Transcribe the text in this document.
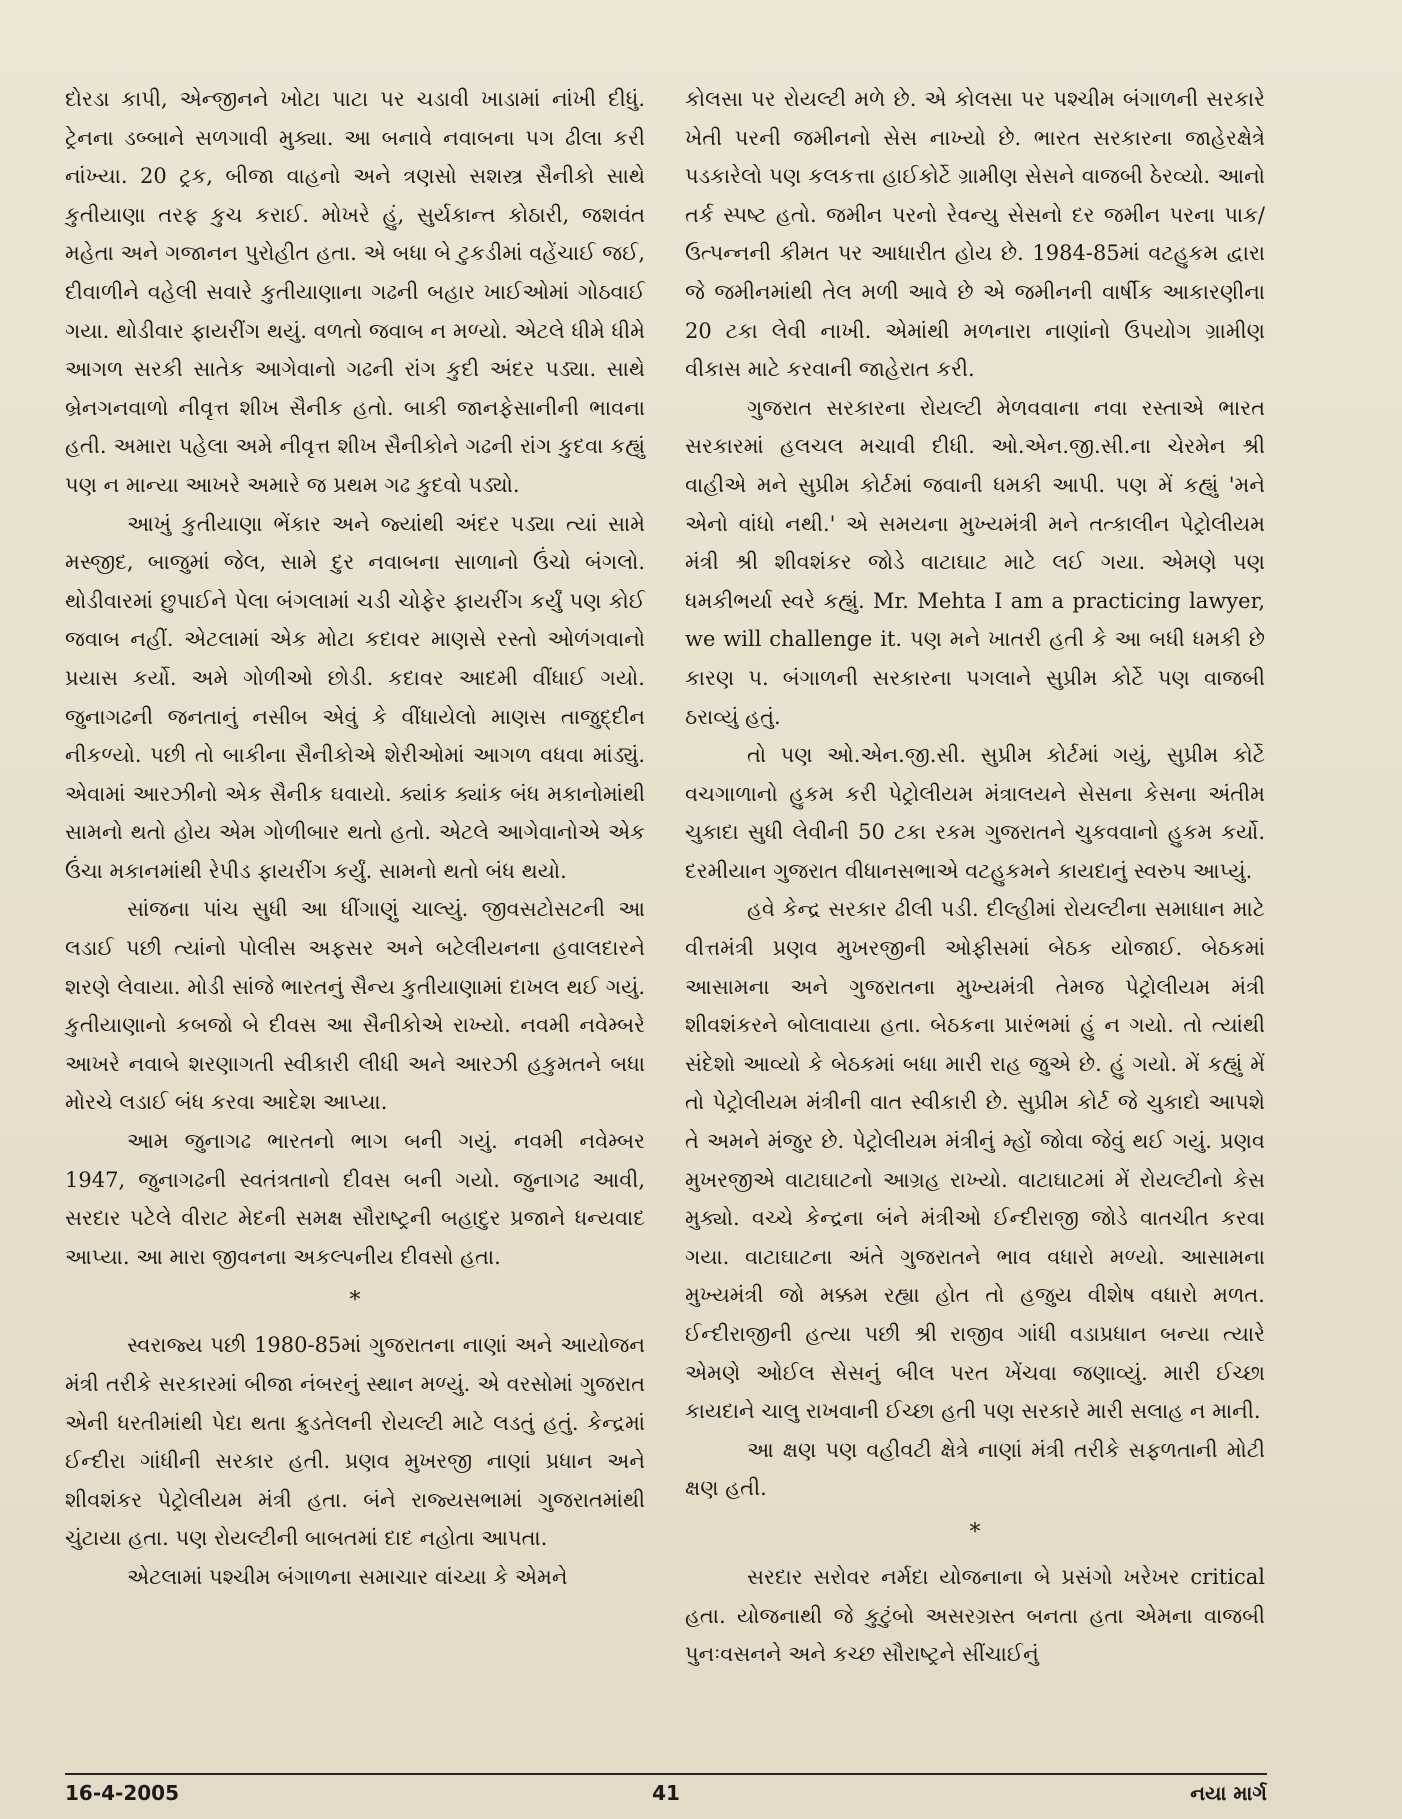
દોરડા કાપી, એન્જીનને ખોટા પાટા પર ચડાવી ખાડામાં નાંખી દીધું. ટ્રેનના ડબ્બાને સળગાવી મુક્યા. આ બનાવે નવાબના પગ ઢીલા કરી નાંખ્યા. 20 ટ્રક, બીજા વાહનો અને ત્રણસો સશસ્ત્ર સૈનીકો સાથે કુતીયાણા તરફ કુચ કરાઈ. મોખરે હું, સુર્યકાન્ત કોઠારી, જશવંત મહેતા અને ગજાનન પુરોહીત હતા. એ બધા બે ટુકડીમાં વહેંચાઈ જઈ, દીવાળીને વહેલી સવારે કુતીયાણાના ગઢની બહાર ખાઈઓમાં ગોઠવાઈ ગયા. થોડીવાર ફાયરીંગ થયું. વળતો જવાબ ન મળ્યો. એટલે ધીમે ધીમે આગળ સરકી સાતેક આગેવાનો ગઢની રાંગ કુદી અંદર પડ્યા. સાથે બ્રેનગનવાળો નીવૃત્ત શીખ સૈનીક હતો. બાકી જાનફેસાનીની ભાવના હતી. અમારા પહેલા અમે નીવૃત્ત શીખ સૈનીકોને ગઢની રાંગ કુદવા કહ્યું પણ ન માન્યા આખરે અમારે જ પ્રથમ ગઢ કુદવો પડ્યો.

આખું કુતીયાણા ભેંકાર અને જ્યાંથી અંદર પડ્યા ત્યાં સામે મસ્જીદ, બાજુમાં જેલ, સામે દુર નવાબના સાળાનો ઉંચો બંગલો. થોડીવારમાં છુપાઈને પેલા બંગલામાં ચડી ચોફેર ફાયરીંગ કર્યું પણ કોઈ જવાબ નહીં. એટલામાં એક મોટા કદાવર માણસે રસ્તો ઓળંગવાનો પ્રયાસ કર્યો. અમે ગોળીઓ છોડી. કદાવર આદમી વીંધાઈ ગયો. જુનાગઢની જનતાનું નસીબ એવું કે વીંધાયેલો માણસ તાજુદ્દીન નીકળ્યો. પછી તો બાકીના સૈનીકોએ શેરીઓમાં આગળ વધવા માંડ્યું. એવામાં આરઝીનો એક સૈનીક ઘવાયો. ક્યાંક ક્યાંક બંધ મકાનોમાંથી સામનો થતો હોય એમ ગોળીબાર થતો હતો. એટલે આગેવાનોએ એક ઉંચા મકાનમાંથી રેપીડ ફાયરીંગ કર્યું. સામનો થતો બંધ થયો.

સાંજના પાંચ સુધી આ ધીંગાણું ચાલ્યું. જીવસટોસટની આ લડાઈ પછી ત્યાંનો પોલીસ અફસર અને બટેલીયનના હવાલદારને શરણે લેવાયા. મોડી સાંજે ભારતનું સૈન્ય કુતીયાણામાં દાખલ થઈ ગયું. કુતીયાણાનો કબજો બે દીવસ આ સૈનીકોએ રાખ્યો. નવમી નવેમ્બરે આખરે નવાબે શરણાગતી સ્વીકારી લીધી અને આરઝી હકુમતને બધા મોરચે લડાઈ બંધ કરવા આદેશ આપ્યા.

આમ જુનાગઢ ભારતનો ભાગ બની ગયું. નવમી નવેમ્બર 1947, જુનાગઢની સ્વતંત્રતાનો દીવસ બની ગયો. જુનાગઢ આવી, સરદાર પટેલે વીરાટ મેદની સમક્ષ સૌરાષ્ટ્રની બહાદુર પ્રજાને ધન્યવાદ આપ્યા. આ મારા જીવનના અકલ્પનીય દીવસો હતા.

*

સ્વરાજ્ય પછી 1980-85માં ગુજરાતના નાણાં અને આયોજન મંત્રી તરીકે સરકારમાં બીજા નંબરનું સ્થાન મળ્યું. એ વરસોમાં ગુજરાત એની ધરતીમાંથી પેદા થતા ક્રુડતેલની રોયલ્ટી માટે લડતું હતું. કેન્દ્રમાં ઈન્દીરા ગાંધીની સરકાર હતી. પ્રણવ મુખરજી નાણાં પ્રધાન અને શીવશંકર પેટ્રોલીયમ મંત્રી હતા. બંને રાજ્યસભામાં ગુજરાતમાંથી ચુંટાયા હતા. પણ રોયલ્ટીની બાબતમાં દાદ નહોતા આપતા.

એટલામાં પશ્ચીમ બંગાળના સમાચાર વાંચ્યા કે એમને

કોલસા પર રોયલ્ટી મળે છે. એ કોલસા પર પશ્ચીમ બંગાળની સરકારે ખેતી પરની જમીનનો સેસ નાખ્યો છે. ભારત સરકારના જાહેરક્ષેત્રે પડકારેલો પણ કલકત્તા હાઈકોર્ટે ગ્રામીણ સેસને વાજબી ઠેરવ્યો. આનો તર્ક સ્પષ્ટ હતો. જમીન પરનો રેવન્યુ સેસનો દર જમીન પરના પાક/ઉત્પન્નની કીમત પર આધારીત હોય છે. 1984-85માં વટહુકમ દ્વારા જે જમીનમાંથી તેલ મળી આવે છે એ જમીનની વાર્ષીક આકારણીના 20 ટકા લેવી નાખી. એમાંથી મળનારા નાણાંનો ઉપયોગ ગ્રામીણ વીકાસ માટે કરવાની જાહેરાત કરી.

ગુજરાત સરકારના રોયલ્ટી મેળવવાના નવા રસ્તાએ ભારત સરકારમાં હલચલ મચાવી દીધી. ઓ.એન.જી.સી.ના ચેરમેન શ્રી વાહીએ મને સુપ્રીમ કોર્ટમાં જવાની ધમકી આપી. પણ મેં કહ્યું 'મને એનો વાંધો નથી.' એ સમયના મુખ્યમંત્રી મને તત્કાલીન પેટ્રોલીયમ મંત્રી શ્રી શીવશંકર જોડે વાટાઘાટ માટે લઈ ગયા. એમણે પણ ધમકીભર્યા સ્વરે કહ્યું. Mr. Mehta I am a practicing lawyer, we will challenge it. પણ મને ખાતરી હતી કે આ બધી ધમકી છે કારણ પ. બંગાળની સરકારના પગલાને સુપ્રીમ કોર્ટે પણ વાજબી ઠરાવ્યું હતું.

તો પણ ઓ.એન.જી.સી. સુપ્રીમ કોર્ટમાં ગયું, સુપ્રીમ કોર્ટે વચગાળાનો હુકમ કરી પેટ્રોલીયમ મંત્રાલયને સેસના કેસના અંતીમ ચુકાદા સુધી લેવીની 50 ટકા રકમ ગુજરાતને ચુકવવાનો હુકમ કર્યો. દરમીયાન ગુજરાત વીધાનસભાએ વટહુકમને કાયદાનું સ્વરુપ આપ્યું.

હવે કેન્દ્ર સરકાર ઢીલી પડી. દીલ્હીમાં રોયલ્ટીના સમાધાન માટે વીત્તમંત્રી પ્રણવ મુખરજીની ઓફીસમાં બેઠક યોજાઈ. બેઠકમાં આસામના અને ગુજરાતના મુખ્યમંત્રી તેમજ પેટ્રોલીયમ મંત્રી શીવશંકરને બોલાવાયા હતા. બેઠકના પ્રારંભમાં હું ન ગયો. તો ત્યાંથી સંદેશો આવ્યો કે બેઠકમાં બધા મારી રાહ જુએ છે. હું ગયો. મેં કહ્યું મેં તો પેટ્રોલીયમ મંત્રીની વાત સ્વીકારી છે. સુપ્રીમ કોર્ટ જે ચુકાદો આપશે તે અમને મંજુર છે. પેટ્રોલીયમ મંત્રીનું મ્હોં જોવા જેવું થઈ ગયું. પ્રણવ મુખરજીએ વાટાઘાટનો આગ્રહ રાખ્યો. વાટાઘાટમાં મેં રોયલ્ટીનો કેસ મુક્યો. વચ્ચે કેન્દ્રના બંને મંત્રીઓ ઈન્દીરાજી જોડે વાતચીત કરવા ગયા. વાટાઘાટના અંતે ગુજરાતને ભાવ વધારો મળ્યો. આસામના મુખ્યમંત્રી જો મક્કમ રહ્યા હોત તો હજુય વીશેષ વધારો મળત. ઈન્દીરાજીની હત્યા પછી શ્રી રાજીવ ગાંધી વડાપ્રધાન બન્યા ત્યારે એમણે ઓઈલ સેસનું બીલ પરત ખેંચવા જણાવ્યું. મારી ઈચ્છા કાયદાને ચાલુ રાખવાની ઈચ્છા હતી પણ સરકારે મારી સલાહ ન માની.

આ ક્ષણ પણ વહીવટી ક્ષેત્રે નાણાં મંત્રી તરીકે સફળતાની મોટી ક્ષણ હતી.

*

સરદાર સરોવર નર્મદા યોજનાના બે પ્રસંગો ખરેખર critical હતા. યોજનાથી જે કુટુંબો અસરગ્રસ્ત બનતા હતા એમના વાજબી પુનઃવસનને અને કચ્છ સૌરાષ્ટ્રને સીંચાઈનું

16-4-2005	41	નયા માર્ગ
